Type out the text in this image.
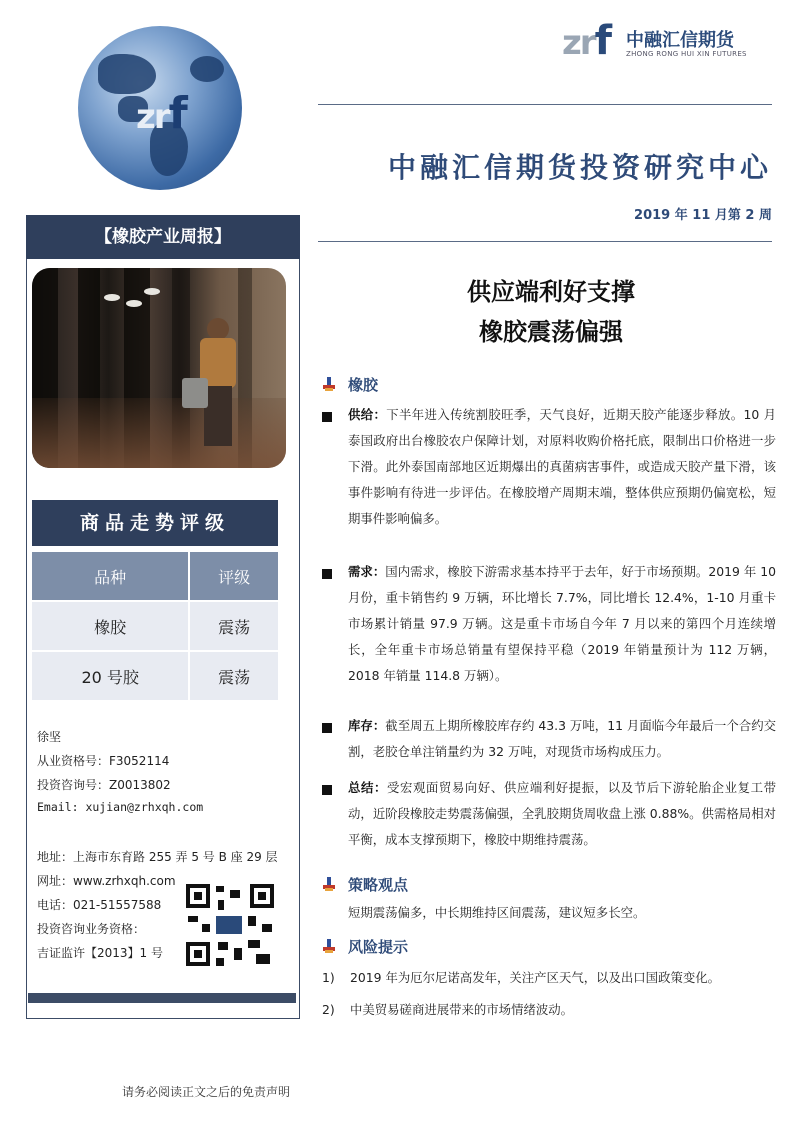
zrf
zrf 中融汇信期货
ZHONG RONG HUI XIN FUTURES
中融汇信期货投资研究中心
2019 年 11 月第 2 周
【橡胶产业周报】
商品走势评级
品种	评级
橡胶	震荡
20 号胶	震荡
徐坚
从业资格号：F3052114
投资咨询号：Z0013802
Email: xujian@zrhxqh.com
地址：上海市东育路 255 弄 5 号 B 座 29 层
网址：www.zrhxqh.com
电话：021-51557588
投资咨询业务资格：
吉证监许【2013】1 号
供应端利好支撑
橡胶震荡偏强
橡胶
供给：下半年进入传统割胶旺季，天气良好，近期天胶产能逐步释放。10 月泰国政府出台橡胶农户保障计划，对原料收购价格托底，限制出口价格进一步下滑。此外泰国南部地区近期爆出的真菌病害事件，或造成天胶产量下滑，该事件影响有待进一步评估。在橡胶增产周期末端，整体供应预期仍偏宽松，短期事件影响偏多。
需求：国内需求，橡胶下游需求基本持平于去年，好于市场预期。2019 年 10 月份，重卡销售约 9 万辆，环比增长 7.7%，同比增长 12.4%，1-10 月重卡市场累计销量 97.9 万辆。这是重卡市场自今年 7 月以来的第四个月连续增长，全年重卡市场总销量有望保持平稳（2019 年销量预计为 112 万辆， 2018 年销量 114.8 万辆）。
库存：截至周五上期所橡胶库存约 43.3 万吨，11 月面临今年最后一个合约交割，老胶仓单注销量约为 32 万吨，对现货市场构成压力。
总结：受宏观面贸易向好、供应端利好提振，以及节后下游轮胎企业复工带动，近阶段橡胶走势震荡偏强，全乳胶期货周收盘上涨 0.88%。供需格局相对平衡，成本支撑预期下，橡胶中期维持震荡。
策略观点
短期震荡偏多，中长期维持区间震荡，建议短多长空。
风险提示
1) 2019 年为厄尔尼诺高发年，关注产区天气，以及出口国政策变化。
2) 中美贸易磋商进展带来的市场情绪波动。
请务必阅读正文之后的免责声明
